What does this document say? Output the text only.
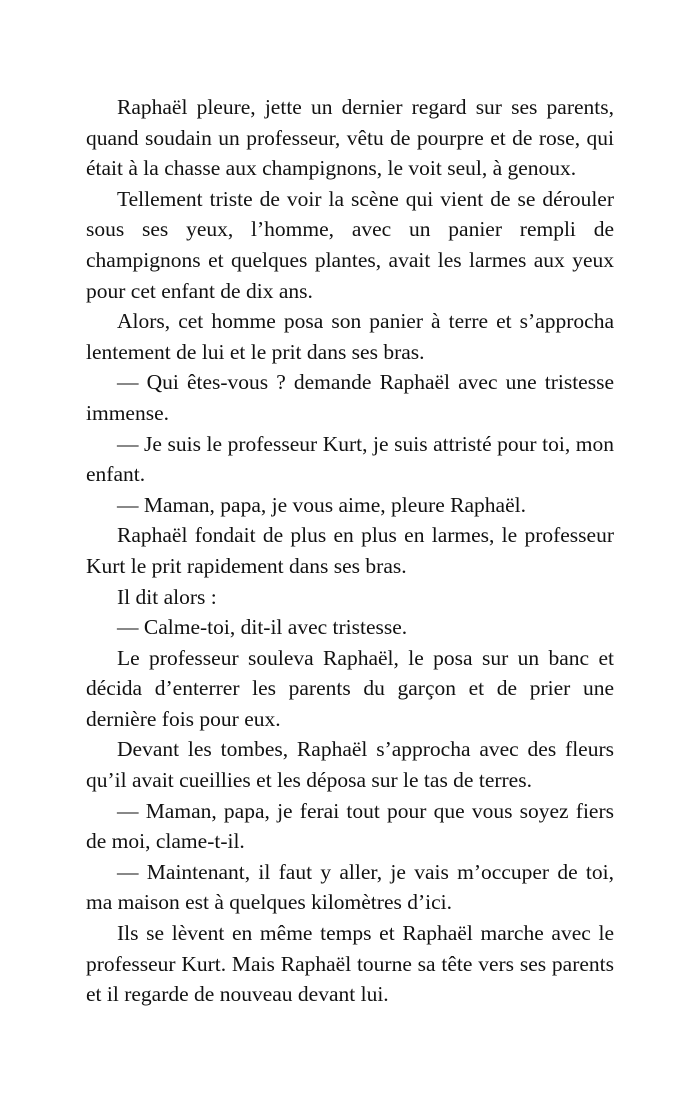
Raphaël pleure, jette un dernier regard sur ses parents, quand soudain un professeur, vêtu de pourpre et de rose, qui était à la chasse aux champignons, le voit seul, à genoux.

Tellement triste de voir la scène qui vient de se dérouler sous ses yeux, l’homme, avec un panier rempli de champignons et quelques plantes, avait les larmes aux yeux pour cet enfant de dix ans.

Alors, cet homme posa son panier à terre et s’approcha lentement de lui et le prit dans ses bras.

— Qui êtes-vous ? demande Raphaël avec une tristesse immense.

— Je suis le professeur Kurt, je suis attristé pour toi, mon enfant.

— Maman, papa, je vous aime, pleure Raphaël.

Raphaël fondait de plus en plus en larmes, le professeur Kurt le prit rapidement dans ses bras.

Il dit alors :

— Calme-toi, dit-il avec tristesse.

Le professeur souleva Raphaël, le posa sur un banc et décida d’enterrer les parents du garçon et de prier une dernière fois pour eux.

Devant les tombes, Raphaël s’approcha avec des fleurs qu’il avait cueillies et les déposa sur le tas de terres.

— Maman, papa, je ferai tout pour que vous soyez fiers de moi, clame-t-il.

— Maintenant, il faut y aller, je vais m’occuper de toi, ma maison est à quelques kilomètres d’ici.

Ils se lèvent en même temps et Raphaël marche avec le professeur Kurt. Mais Raphaël tourne sa tête vers ses parents et il regarde de nouveau devant lui.
